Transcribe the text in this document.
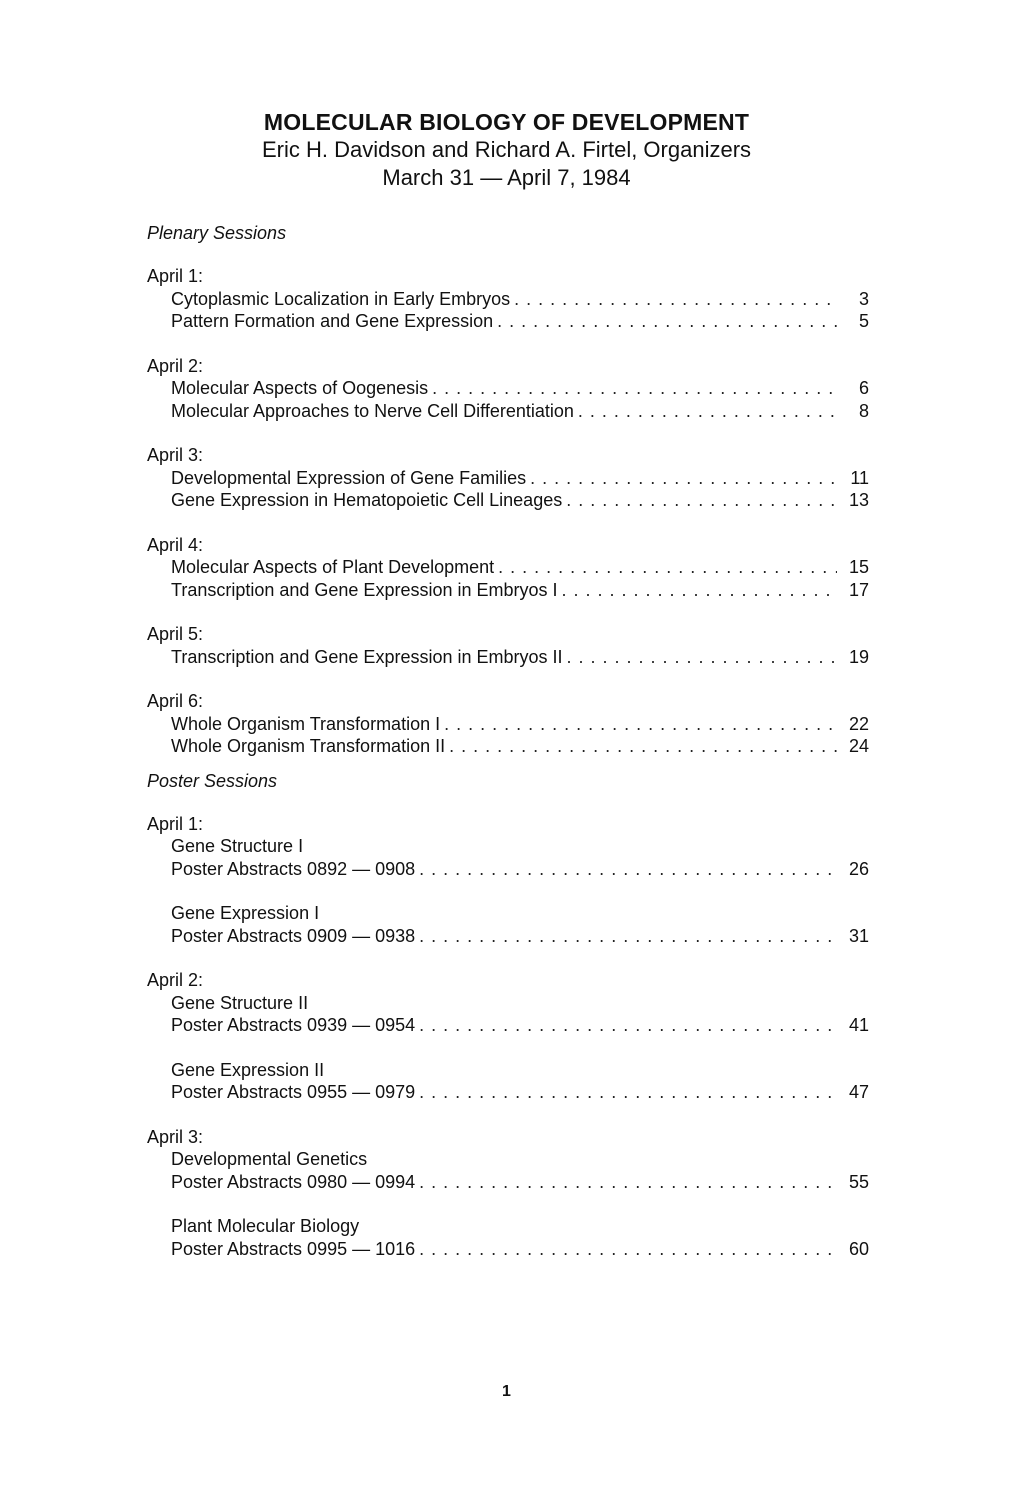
MOLECULAR BIOLOGY OF DEVELOPMENT
Eric H. Davidson and Richard A. Firtel, Organizers
March 31 — April 7, 1984
Plenary Sessions
April 1:
Cytoplasmic Localization in Early Embryos . . .	3
Pattern Formation and Gene Expression . . .	5
April 2:
Molecular Aspects of Oogenesis . . .	6
Molecular Approaches to Nerve Cell Differentiation . . .	8
April 3:
Developmental Expression of Gene Families . . .	11
Gene Expression in Hematopoietic Cell Lineages . . .	13
April 4:
Molecular Aspects of Plant Development . . .	15
Transcription and Gene Expression in Embryos I . . .	17
April 5:
Transcription and Gene Expression in Embryos II . . .	19
April 6:
Whole Organism Transformation I . . .	22
Whole Organism Transformation II . . .	24
Poster Sessions
April 1:
Gene Structure I
Poster Abstracts 0892 — 0908 . . .	26
Gene Expression I
Poster Abstracts 0909 — 0938 . . .	31
April 2:
Gene Structure II
Poster Abstracts 0939 — 0954 . . .	41
Gene Expression II
Poster Abstracts 0955 — 0979 . . .	47
April 3:
Developmental Genetics
Poster Abstracts 0980 — 0994 . . .	55
Plant Molecular Biology
Poster Abstracts 0995 — 1016 . . .	60
1
